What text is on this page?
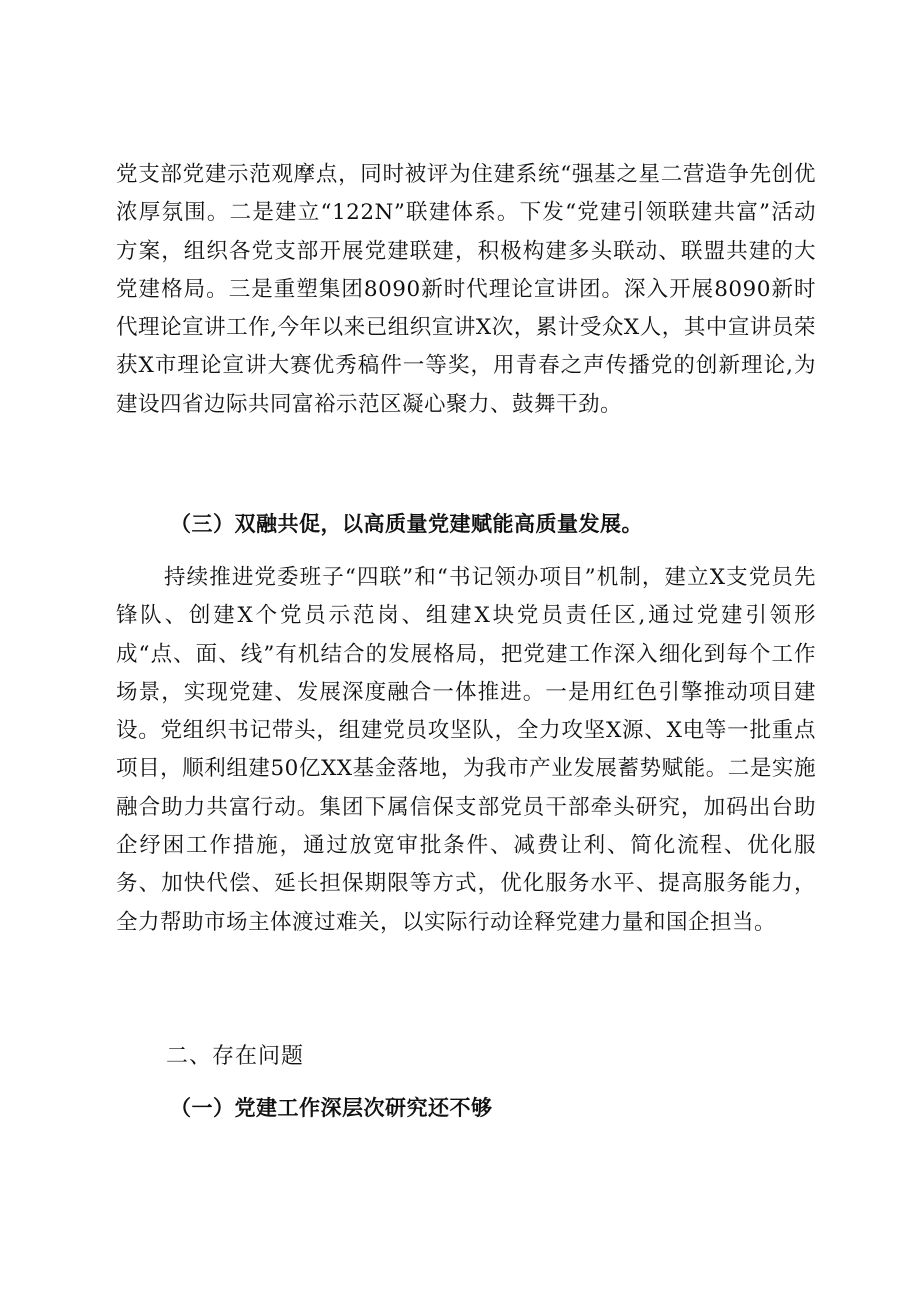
党支部党建示范观摩点，同时被评为住建系统“强基之星二营造争先创优浓厚氛围。二是建立“122N”联建体系。下发“党建引领联建共富”活动方案，组织各党支部开展党建联建，积极构建多头联动、联盟共建的大党建格局。三是重塑集团8090新时代理论宣讲团。深入开展8090新时代理论宣讲工作,今年以来已组织宣讲X次，累计受众X人，其中宣讲员荣获X市理论宣讲大赛优秀稿件一等奖，用青春之声传播党的创新理论,为建设四省边际共同富裕示范区凝心聚力、鼓舞干劲。

（三）双融共促，以高质量党建赋能高质量发展。

持续推进党委班子“四联”和“书记领办项目”机制，建立X支党员先锋队、创建X个党员示范岗、组建X块党员责任区,通过党建引领形成“点、面、线”有机结合的发展格局，把党建工作深入细化到每个工作场景，实现党建、发展深度融合一体推进。一是用红色引擎推动项目建设。党组织书记带头，组建党员攻坚队，全力攻坚X源、X电等一批重点项目，顺利组建50亿XX基金落地，为我市产业发展蓄势赋能。二是实施融合助力共富行动。集团下属信保支部党员干部牵头研究，加码出台助企纾困工作措施，通过放宽审批条件、减费让利、简化流程、优化服务、加快代偿、延长担保期限等方式，优化服务水平、提高服务能力，全力帮助市场主体渡过难关，以实际行动诠释党建力量和国企担当。

二、存在问题

（一）党建工作深层次研究还不够
